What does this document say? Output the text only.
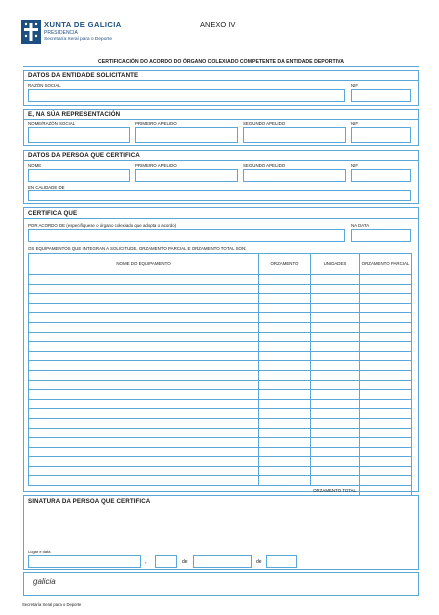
XUNTA DE GALICIA
PRESIDENCIA
Secretaría Xeral para o Deporte
ANEXO IV
CERTIFICACIÓN DO ACORDO DO ÓRGANO COLEXIADO COMPETENTE DA ENTIDADE DEPORTIVA
DATOS DA ENTIDADE SOLICITANTE
RAZÓN SOCIAL	NIF
E, NA SÚA REPRESENTACIÓN
NOME/RAZÓN SOCIAL	PRIMEIRO APELIDO	SEGUNDO APELIDO	NIF
DATOS DA PERSOA QUE CERTIFICA
NOME	PRIMEIRO APELIDO	SEGUNDO APELIDO	NIF
EN CALIDADE DE
CERTIFICA QUE
POR ACORDO DE (especifíquese o órgano colexiado que adopta o acordo)	NA DATA
OS EQUIPAMENTOS QUE INTEGRAN A SOLICITUDE, ORZAMENTO PARCIAL E ORZAMENTO TOTAL SON:
NOME DO EQUIPAMENTO	ORZAMENTO	UNIDADES	ORZAMENTO PARCIAL

	ORZAMENTO TOTAL		
SINATURA DA PERSOA QUE CERTIFICA
Lugar e data
,	de	de
galicia
Secretaría Xeral para o Deporte
